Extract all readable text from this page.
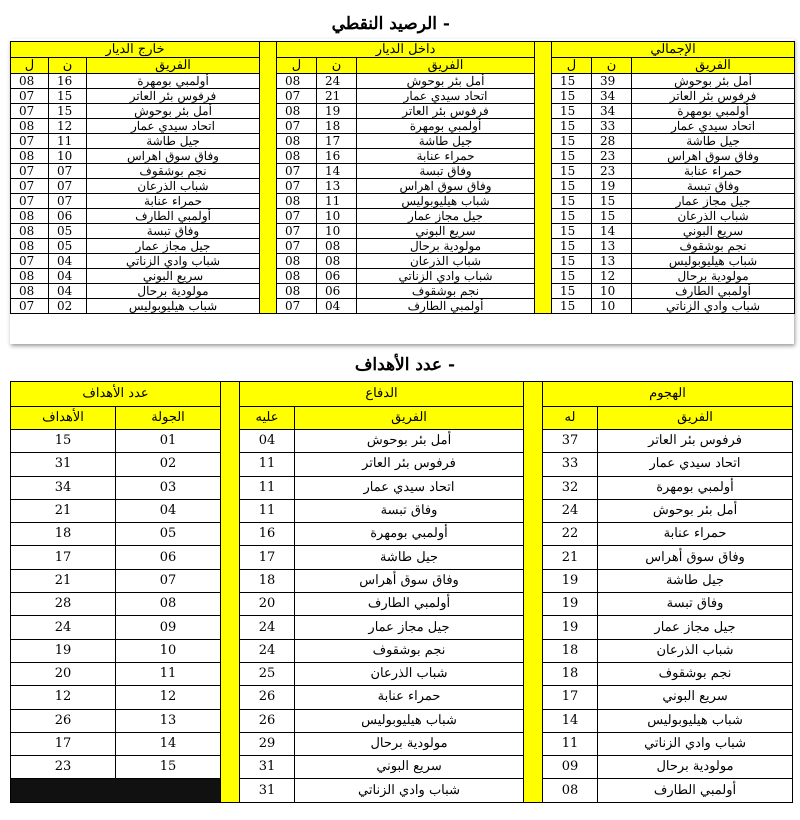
- الرصيد النقطي
خارج الديار				داخل الديار				الإجمالي		
ل	ن	الفريق		ل	ن	الفريق		ل	ن	الفريق
08	16	أولمبي بومهرة		08	24	أمل بئر بوحوش		15	39	أمل بئر بوحوش
07	15	فرفوس بئر العاتر		07	21	اتحاد سيدي عمار		15	34	فرفوس بئر العاتر
07	15	أمل بئر بوحوش		08	19	فرفوس بئر العاتر		15	34	أولمبي بومهرة
08	12	اتحاد سيدي عمار		07	18	أولمبي بومهرة		15	33	اتحاد سيدي عمار
07	11	جيل طاشة		08	17	جيل طاشة		15	28	جيل طاشة
08	10	وفاق سوق اهراس		08	16	حمراء عنابة		15	23	وفاق سوق اهراس
07	07	نجم بوشقوف		07	14	وفاق تبسة		15	23	حمراء عنابة
07	07	شباب الذرعان		07	13	وفاق سوق اهراس		15	19	وفاق تبسة
07	07	حمراء عنابة		08	11	شباب هيليوبوليس		15	15	جيل مجاز عمار
08	06	أولمبي الطارف		07	10	جيل مجاز عمار		15	15	شباب الذرعان
08	05	وفاق تبسة		07	10	سريع البوني		15	14	سريع البوني
08	05	جيل مجاز عمار		07	08	مولودية برحال		15	13	نجم بوشقوف
07	04	شباب وادي الزناتي		08	08	شباب الذرعان		15	13	شباب هيليوبوليس
08	04	سريع البوني		08	06	شباب وادي الزناتي		15	12	مولودية برحال
08	04	مولودية برحال		08	06	نجم بوشقوف		15	10	أولمبي الطارف
07	02	شباب هيليوبوليس		07	04	أولمبي الطارف		15	10	شباب وادي الزناتي
- عدد الأهداف
عدد الأهداف			الدفاع			الهجوم	
الأهداف	الجولة		عليه	الفريق		له	الفريق
15	01		04	أمل بئر بوحوش		37	فرفوس بئر العاتر
31	02		11	فرفوس بئر العاتر		33	اتحاد سيدي عمار
34	03		11	اتحاد سيدي عمار		32	أولمبي بومهرة
21	04		11	وفاق تبسة		24	أمل بئر بوحوش
18	05		16	أولمبي بومهرة		22	حمراء عنابة
17	06		17	جيل طاشة		21	وفاق سوق أهراس
21	07		18	وفاق سوق أهراس		19	جيل طاشة
28	08		20	أولمبي الطارف		19	وفاق تبسة
24	09		24	جيل مجاز عمار		19	جيل مجاز عمار
19	10		24	نجم بوشقوف		18	شباب الذرعان
20	11		25	شباب الذرعان		18	نجم بوشقوف
12	12		26	حمراء عنابة		17	سريع البوني
26	13		26	شباب هيليوبوليس		14	شباب هيليوبوليس
17	14		29	مولودية برحال		11	شباب وادي الزناتي
23	15		31	سريع البوني		09	مولودية برحال
			31	شباب وادي الزناتي		08	أولمبي الطارف
